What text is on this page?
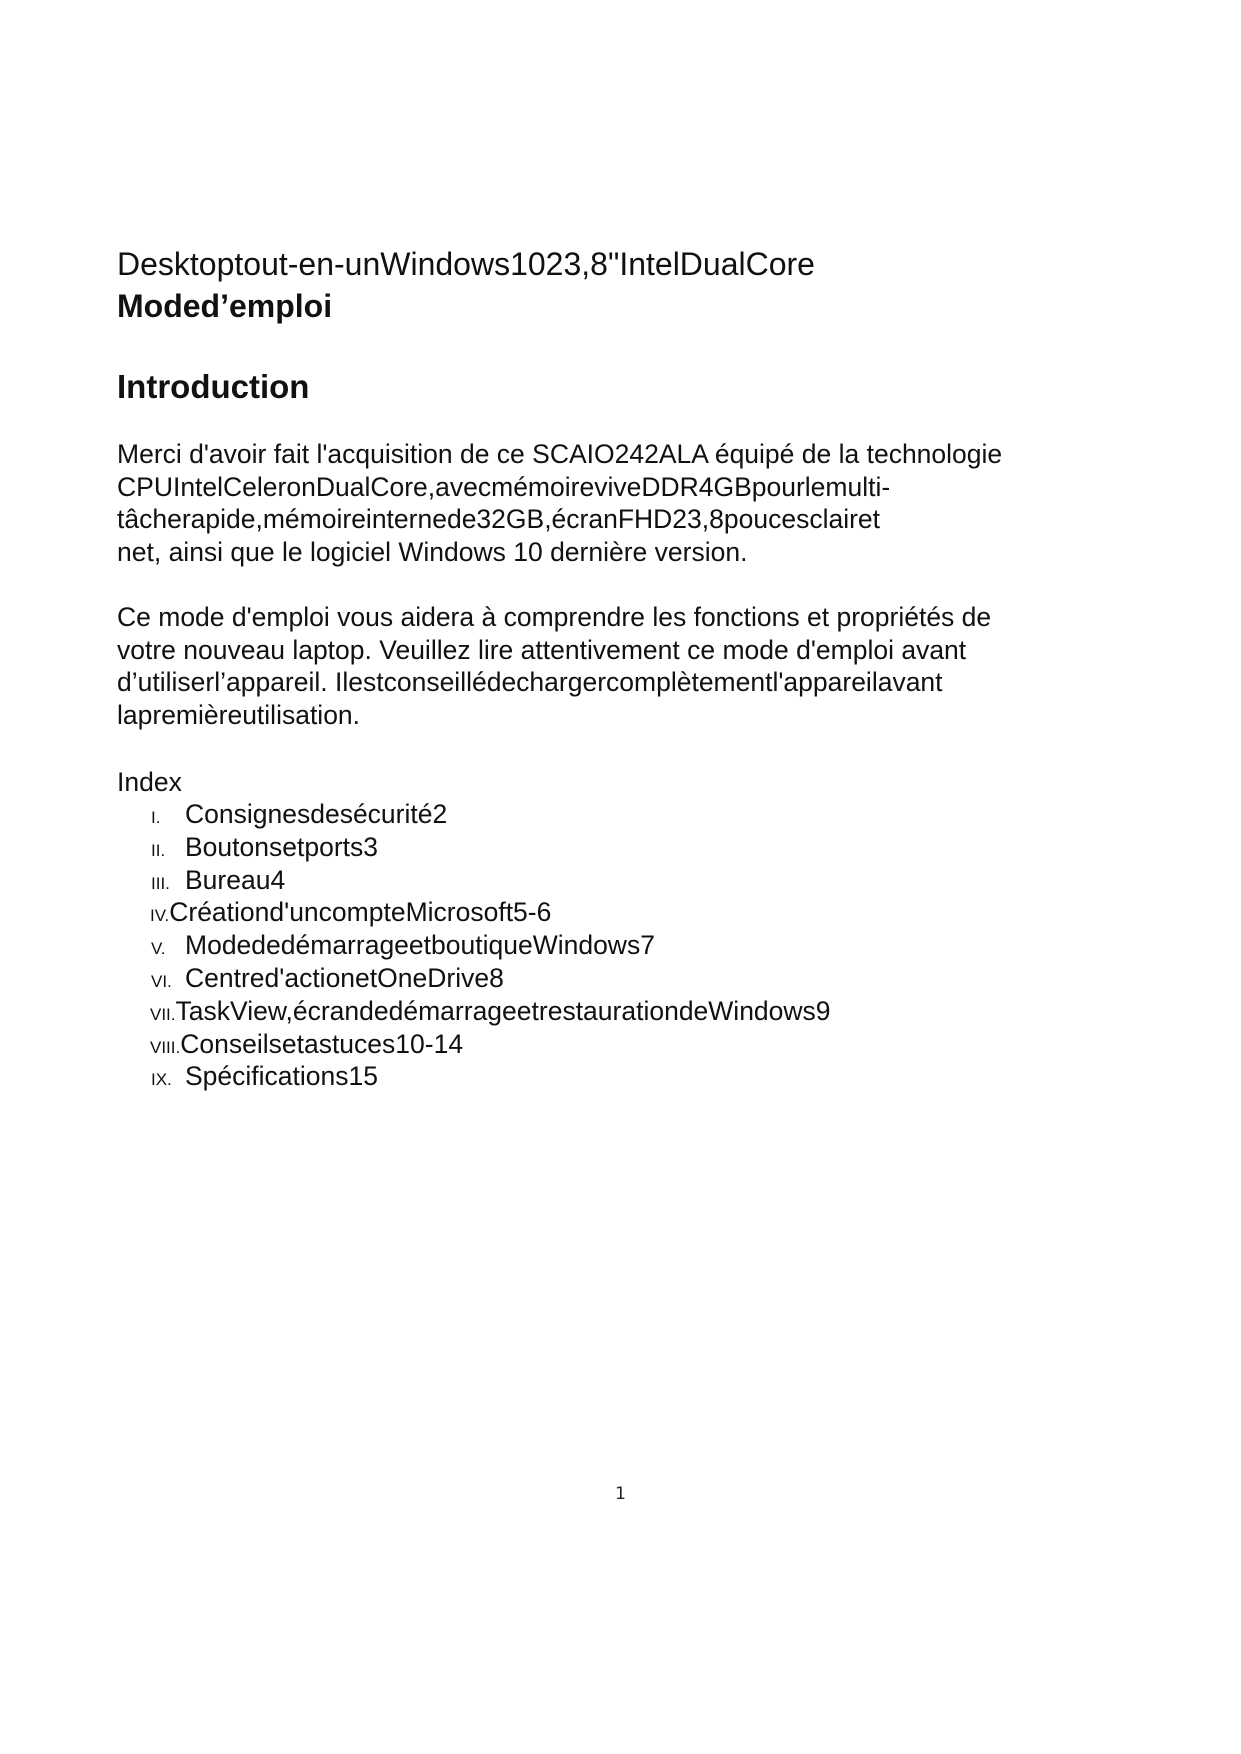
Desktoptout-en-unWindows1023,8"IntelDualCore
Moded’emploi
Introduction

Merci d'avoir fait l'acquisition de ce SCAIO242ALA équipé de la technologie
CPUIntelCeleronDualCore,avecmémoireviveDDR4GBpourlemulti-
tâcherapide,mémoireinternede32GB,écranFHD23,8poucesclairet
net, ainsi que le logiciel Windows 10 dernière version.

Ce mode d'emploi vous aidera à comprendre les fonctions et propriétés de
votre nouveau laptop. Veuillez lire attentivement ce mode d'emploi avant
d’utiliserl’appareil. Ilestconseillédechargercomplètementl'appareilavant
lapremièreutilisation.

Index

I. Consignesdesécurité2
II. Boutonsetports3
III. Bureau4
IV.Créationd'uncompteMicrosoft5-6
V. ModededémarrageetboutiqueWindows7
VI. Centred'actionetOneDrive8
VII.TaskView,écrandedémarrageetrestaurationdeWindows9
VIII.Conseilsetastuces10-14
IX. Spécifications15
1
